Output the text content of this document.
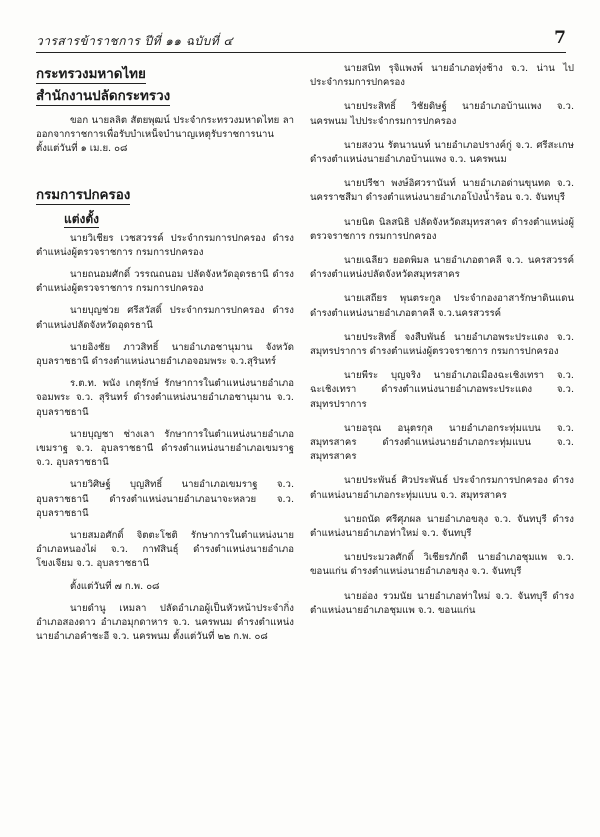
วารสารข้าราชการ ปีที่ ๑๑ ฉบับที่ ๔	7
กระทรวงมหาดไทย
สำนักงานปลัดกระทรวง

ขอก นายลลิต สัตยพุฒน์ ประจำกระทรวงมหาดไทย ลาออกจากราชการเพื่อรับบำเหน็จบำนาญเหตุรับราชการนาน ตั้งแต่วันที่ ๑ เม.ย. ๐๘

กรมการปกครอง
แต่งตั้ง

นายวิเชียร เวชสวรรค์ ประจำกรมการปกครอง ดำรงตำแหน่งผู้ตรวจราชการ กรมการปกครอง

นายถนอมศักดิ์ วรรณถนอม ปลัดจังหวัดอุดรธานี ดำรงตำแหน่งผู้ตรวจราชการ กรมการปกครอง

นายบุญช่วย ศรีสวัสดิ์ ประจำกรมการปกครอง ดำรงตำแหน่งปลัดจังหวัดอุดรธานี

นายอิงชัย ภาวสิทธิ์ นายอำเภอชานุมาน จังหวัดอุบลราชธานี ดำรงตำแหน่งนายอำเภอจอมพระ จ.ว.สุรินทร์

ร.ต.ท. พนัง เกตุรักษ์ รักษาการในตำแหน่งนายอำเภอจอมพระ จ.ว. สุรินทร์ ดำรงตำแหน่งนายอำเภอชานุมาน จ.ว. อุบลราชธานี

นายบุญชา ช่างเลา รักษาการในตำแหน่งนายอำเภอเขมราฐ จ.ว. อุบลราชธานี ดำรงตำแหน่งนายอำเภอเขมราฐ จ.ว. อุบลราชธานี

นายวิศิษฐ์ บุญสิทธิ์ นายอำเภอเขมราฐ จ.ว. อุบลราชธานี ดำรงตำแหน่งนายอำเภอนาจะหลวย จ.ว. อุบลราชธานี

นายสมอศักดิ์ จิตตะโชติ รักษาการในตำแหน่งนายอำเภอหนองไผ่ จ.ว. กาฬสินธุ์ ดำรงตำแหน่งนายอำเภอโขงเจียม จ.ว. อุบลราชธานี

ตั้งแต่วันที่ ๗ ก.พ. ๐๘

นายดำนู เหมลา ปลัดอำเภอผู้เป็นหัวหน้าประจำกิ่ง อำเภอสองดาว อำเภอมุกดาหาร จ.ว. นครพนม ดำรงตำแหน่งนายอำเภอคำชะอี จ.ว. นครพนม ตั้งแต่วันที่ ๒๒ ก.พ. ๐๘

นายสนิท รุจิแพงพ์ นายอำเภอทุ่งช้าง จ.ว. น่าน ไปประจำกรมการปกครอง

นายประสิทธิ์ วิชัยดิษฐ์ นายอำเภอบ้านแพง จ.ว. นครพนม ไปประจำกรมการปกครอง

นายสงวน รัตนานนท์ นายอำเภอปรางค์กู่ จ.ว. ศรีสะเกษ ดำรงตำแหน่งนายอำเภอบ้านแพง จ.ว. นครพนม

นายปรีชา พงษ์อิศวรานันท์ นายอำเภอด่านขุนทด จ.ว. นครราชสีมา ดำรงตำแหน่งนายอำเภอโป่งน้ำร้อน จ.ว. จันทบุรี

นายนิต นิลสนิธิ ปลัดจังหวัดสมุทรสาคร ดำรงตำแหน่งผู้ตรวจราชการ กรมการปกครอง

นายเฉลียว ยอดพิมล นายอำเภอตาคลี จ.ว. นครสวรรค์ ดำรงตำแหน่งปลัดจังหวัดสมุทรสาคร

นายเสถียร พุนตระกูล ประจำกองอาสารักษาดินแดน ดำรงตำแหน่งนายอำเภอตาคลี จ.ว.นครสวรรค์

นายประสิทธิ์ จงสืบพันธ์ นายอำเภอพระประแดง จ.ว. สมุทรปราการ ดำรงตำแหน่งผู้ตรวจราชการ กรมการปกครอง

นายพีระ บุญจริง นายอำเภอเมืองฉะเชิงเทรา จ.ว. ฉะเชิงเทรา ดำรงตำแหน่งนายอำเภอพระประแดง จ.ว. สมุทรปราการ

นายอรุณ อนุตรกุล นายอำเภอกระทุ่มแบน จ.ว. สมุทรสาคร ดำรงตำแหน่งนายอำเภอกระทุ่มแบน จ.ว. สมุทรสาคร

นายประพันธ์ ศิวประพันธ์ ประจำกรมการปกครอง ดำรงตำแหน่งนายอำเภอกระทุ่มแบน จ.ว. สมุทรสาคร

นายถนัด ศรีศุภผล นายอำเภอขลุง จ.ว. จันทบุรี ดำรงตำแหน่งนายอำเภอท่าใหม่ จ.ว. จันทบุรี

นายประมวลศักดิ์ วิเชียรภักดี นายอำเภอชุมแพ จ.ว. ขอนแก่น ดำรงตำแหน่งนายอำเภอขลุง จ.ว. จันทบุรี

นายอ่อง รวมนัย นายอำเภอท่าใหม่ จ.ว. จันทบุรี ดำรงตำแหน่งนายอำเภอชุมแพ จ.ว. ขอนแก่น
